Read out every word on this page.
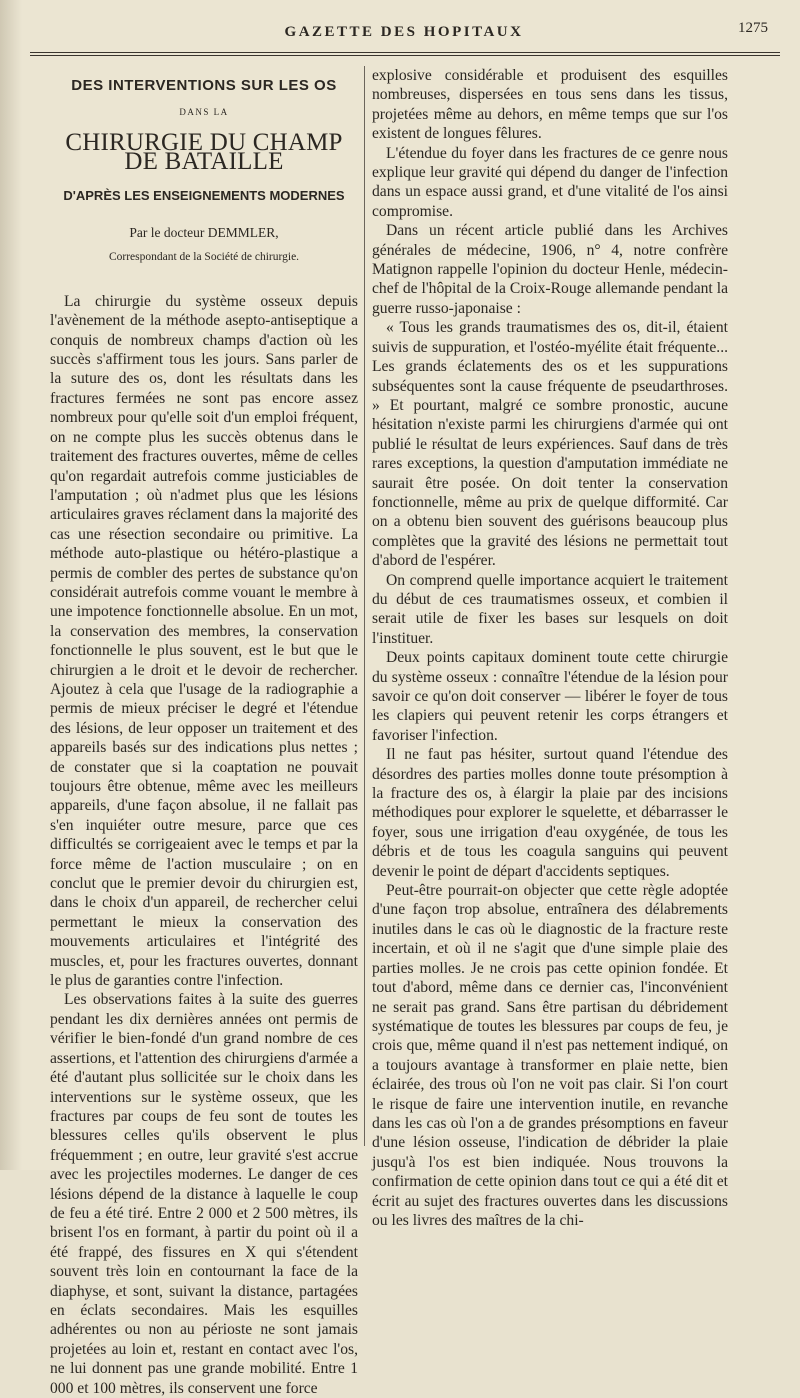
GAZETTE DES HOPITAUX	1275
DES INTERVENTIONS SUR LES OS
DANS LA
CHIRURGIE DU CHAMP DE BATAILLE
D'APRÈS LES ENSEIGNEMENTS MODERNES
Par le docteur DEMMLER,
Correspondant de la Société de chirurgie.

La chirurgie du système osseux depuis l'avènement de la méthode asepto-antiseptique a conquis de nombreux champs d'action où les succès s'affirment tous les jours. Sans parler de la suture des os, dont les résultats dans les fractures fermées ne sont pas encore assez nombreux pour qu'elle soit d'un emploi fréquent, on ne compte plus les succès obtenus dans le traitement des fractures ouvertes, même de celles qu'on regardait autrefois comme justiciables de l'amputation ; où n'admet plus que les lésions articulaires graves réclament dans la majorité des cas une résection secondaire ou primitive. La méthode auto-plastique ou hétéro-plastique a permis de combler des pertes de substance qu'on considérait autrefois comme vouant le membre à une impotence fonctionnelle absolue. En un mot, la conservation des membres, la conservation fonctionnelle le plus souvent, est le but que le chirurgien a le droit et le devoir de rechercher. Ajoutez à cela que l'usage de la radiographie a permis de mieux préciser le degré et l'étendue des lésions, de leur opposer un traitement et des appareils basés sur des indications plus nettes ; de constater que si la coaptation ne pouvait toujours être obtenue, même avec les meilleurs appareils, d'une façon absolue, il ne fallait pas s'en inquiéter outre mesure, parce que ces difficultés se corrigeaient avec le temps et par la force même de l'action musculaire ; on en conclut que le premier devoir du chirurgien est, dans le choix d'un appareil, de rechercher celui permettant le mieux la conservation des mouvements articulaires et l'intégrité des muscles, et, pour les fractures ouvertes, donnant le plus de garanties contre l'infection.

Les observations faites à la suite des guerres pendant les dix dernières années ont permis de vérifier le bien-fondé d'un grand nombre de ces assertions, et l'attention des chirurgiens d'armée a été d'autant plus sollicitée sur le choix dans les interventions sur le système osseux, que les fractures par coups de feu sont de toutes les blessures celles qu'ils observent le plus fréquemment ; en outre, leur gravité s'est accrue avec les projectiles modernes. Le danger de ces lésions dépend de la distance à laquelle le coup de feu a été tiré. Entre 2 000 et 2 500 mètres, ils brisent l'os en formant, à partir du point où il a été frappé, des fissures en X qui s'étendent souvent très loin en contournant la face de la diaphyse, et sont, suivant la distance, partagées en éclats secondaires. Mais les esquilles adhérentes ou non au périoste ne sont jamais projetées au loin et, restant en contact avec l'os, ne lui donnent pas une grande mobilité. Entre 1 000 et 100 mètres, ils conservent une force

explosive considérable et produisent des esquilles nombreuses, dispersées en tous sens dans les tissus, projetées même au dehors, en même temps que sur l'os existent de longues fêlures.

L'étendue du foyer dans les fractures de ce genre nous explique leur gravité qui dépend du danger de l'infection dans un espace aussi grand, et d'une vitalité de l'os ainsi compromise.

Dans un récent article publié dans les Archives générales de médecine, 1906, n° 4, notre confrère Matignon rappelle l'opinion du docteur Henle, médecin-chef de l'hôpital de la Croix-Rouge allemande pendant la guerre russo-japonaise :

« Tous les grands traumatismes des os, dit-il, étaient suivis de suppuration, et l'ostéo-myélite était fréquente... Les grands éclatements des os et les suppurations subséquentes sont la cause fréquente de pseudarthroses. » Et pourtant, malgré ce sombre pronostic, aucune hésitation n'existe parmi les chirurgiens d'armée qui ont publié le résultat de leurs expériences. Sauf dans de très rares exceptions, la question d'amputation immédiate ne saurait être posée. On doit tenter la conservation fonctionnelle, même au prix de quelque difformité. Car on a obtenu bien souvent des guérisons beaucoup plus complètes que la gravité des lésions ne permettait tout d'abord de l'espérer.

On comprend quelle importance acquiert le traitement du début de ces traumatismes osseux, et combien il serait utile de fixer les bases sur lesquels on doit l'instituer.

Deux points capitaux dominent toute cette chirurgie du système osseux : connaître l'étendue de la lésion pour savoir ce qu'on doit conserver — libérer le foyer de tous les clapiers qui peuvent retenir les corps étrangers et favoriser l'infection.

Il ne faut pas hésiter, surtout quand l'étendue des désordres des parties molles donne toute présomption à la fracture des os, à élargir la plaie par des incisions méthodiques pour explorer le squelette, et débarrasser le foyer, sous une irrigation d'eau oxygénée, de tous les débris et de tous les coagula sanguins qui peuvent devenir le point de départ d'accidents septiques.

Peut-être pourrait-on objecter que cette règle adoptée d'une façon trop absolue, entraînera des délabrements inutiles dans le cas où le diagnostic de la fracture reste incertain, et où il ne s'agit que d'une simple plaie des parties molles. Je ne crois pas cette opinion fondée. Et tout d'abord, même dans ce dernier cas, l'inconvénient ne serait pas grand. Sans être partisan du débridement systématique de toutes les blessures par coups de feu, je crois que, même quand il n'est pas nettement indiqué, on a toujours avantage à transformer en plaie nette, bien éclairée, des trous où l'on ne voit pas clair. Si l'on court le risque de faire une intervention inutile, en revanche dans les cas où l'on a de grandes présomptions en faveur d'une lésion osseuse, l'indication de débrider la plaie jusqu'à l'os est bien indiquée. Nous trouvons la confirmation de cette opinion dans tout ce qui a été dit et écrit au sujet des fractures ouvertes dans les discussions ou les livres des maîtres de la chi-
